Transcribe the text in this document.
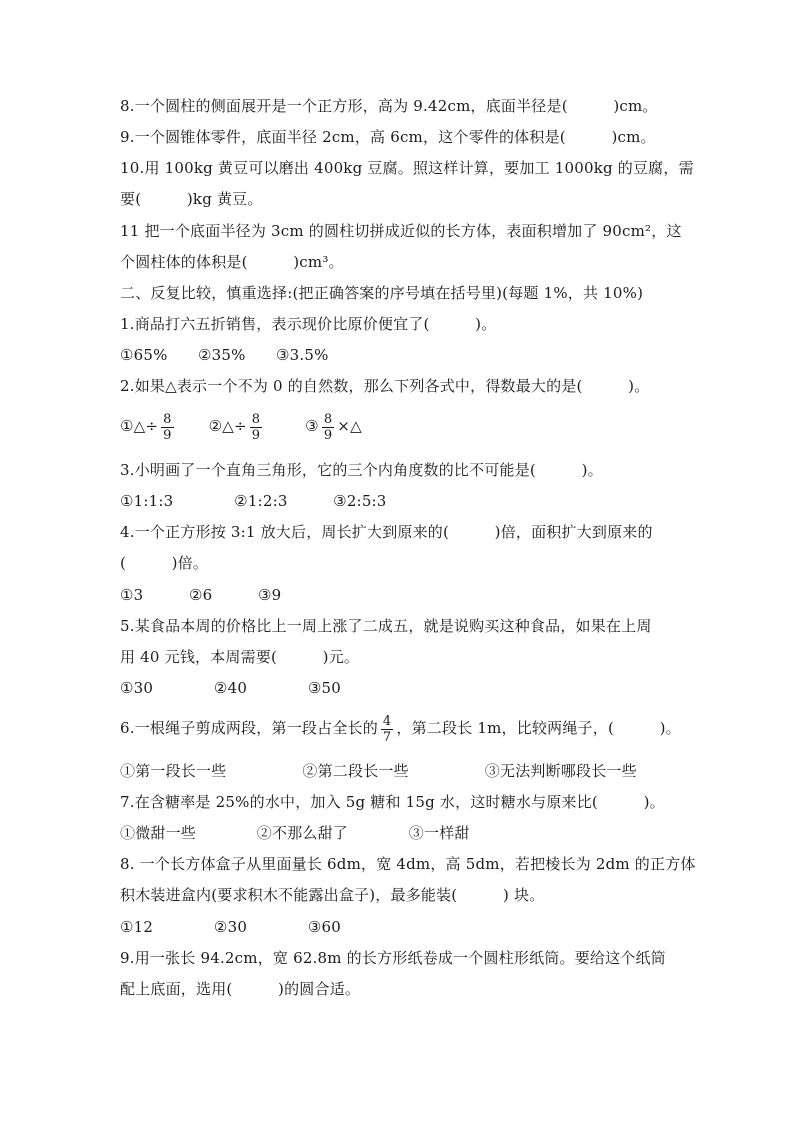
8.一个圆柱的侧面展开是一个正方形，高为 9.42cm，底面半径是(　　　)cm。
9.一个圆锥体零件，底面半径 2cm，高 6cm，这个零件的体积是(　　　)cm。
10.用 100kg 黄豆可以磨出 400kg 豆腐。照这样计算，要加工 1000kg 的豆腐，需
要(　　　)kg 黄豆。
11 把一个底面半径为 3cm 的圆柱切拼成近似的长方体，表面积增加了 90cm²，这
个圆柱体的体积是(　　　)cm³。
二、反复比较，慎重选择:(把正确答案的序号填在括号里)(每题 1%，共 10%)
1.商品打六五折销售，表示现价比原价便宜了(　　　)。
①65%　　②35%　　③3.5%
2.如果△表示一个不为 0 的自然数，那么下列各式中，得数最大的是(　　　)。
①△÷ $\frac{8}{9}$ ②△÷ $\frac{8}{9}$	③ $\frac{8}{9}$ ×△
3.小明画了一个直角三角形，它的三个内角度数的比不可能是(　　　)。
①1:1:3　　　　②1:2:3　　　③2:5:3
4.一个正方形按 3:1 放大后，周长扩大到原来的(　　　)倍，面积扩大到原来的
(　　　)倍。
①3　　　②6　　　③9
5.某食品本周的价格比上一周上涨了二成五，就是说购买这种食品，如果在上周
用 40 元钱，本周需要(　　　)元。
①30　　　　②40　　　　③50
6.一根绳子剪成两段，第一段占全长的 $\frac{4}{7}$ ，第二段长 1m，比较两绳子，(　　　)。
①第一段长一些　　　　　②第二段长一些　　　　　③无法判断哪段长一些
7.在含糖率是 25%的水中，加入 5g 糖和 15g 水，这时糖水与原来比(　　　)。
①微甜一些　　　　②不那么甜了　　　　③一样甜
8. 一个长方体盒子从里面量长 6dm，宽 4dm，高 5dm，若把棱长为 2dm 的正方体
积木装进盒内(要求积木不能露出盒子)，最多能装(　　　) 块。
①12　　　　②30　　　　③60
9.用一张长 94.2cm，宽 62.8m 的长方形纸卷成一个圆柱形纸筒。要给这个纸筒
配上底面，选用(　　　)的圆合适。
